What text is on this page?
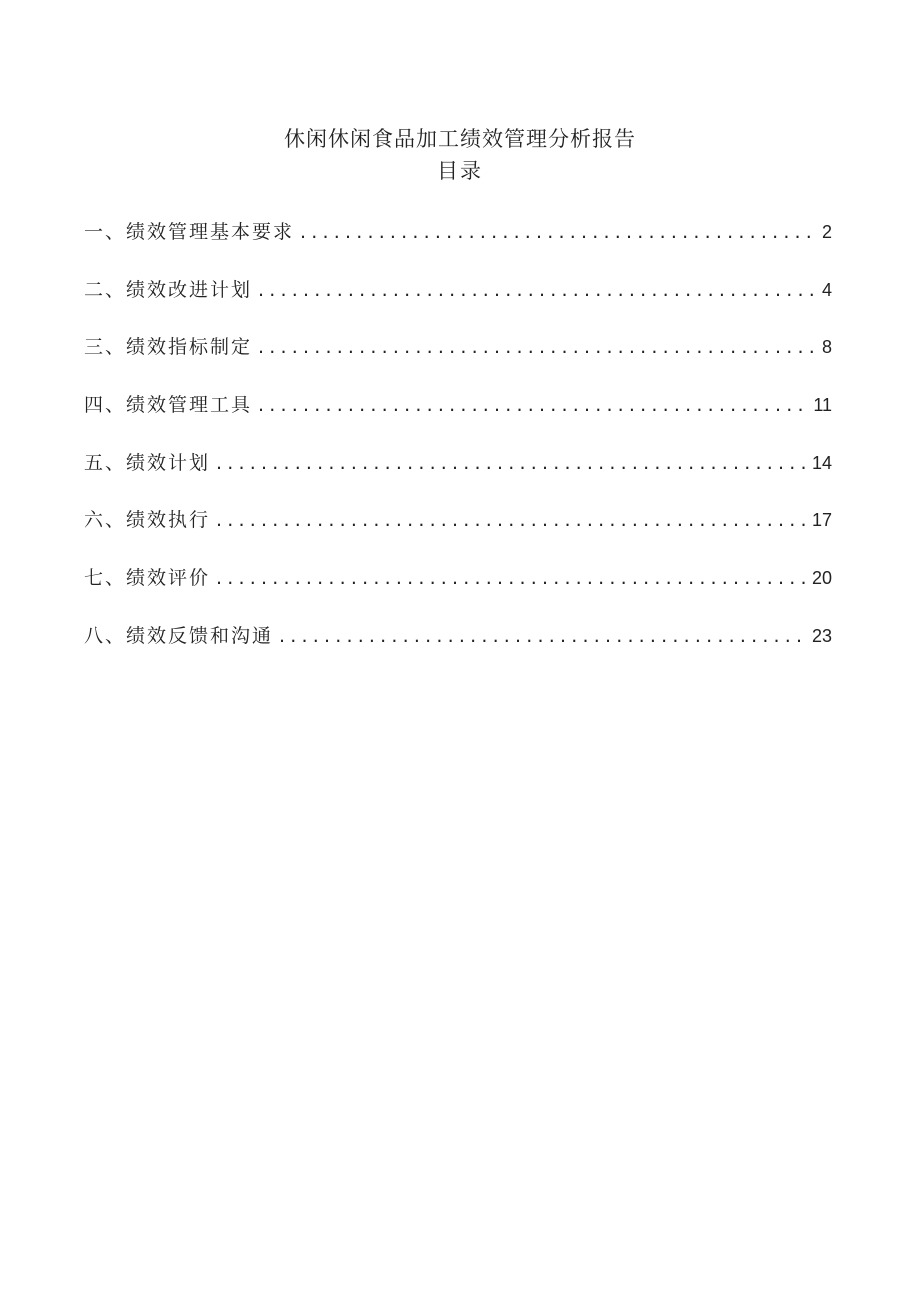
休闲休闲食品加工绩效管理分析报告
目录
一、绩效管理基本要求 .....	2
二、绩效改进计划 .....	4
三、绩效指标制定 .....	8
四、绩效管理工具 .....	11
五、绩效计划 .....	14
六、绩效执行 .....	17
七、绩效评价 .....	20
八、绩效反馈和沟通 .....	23
